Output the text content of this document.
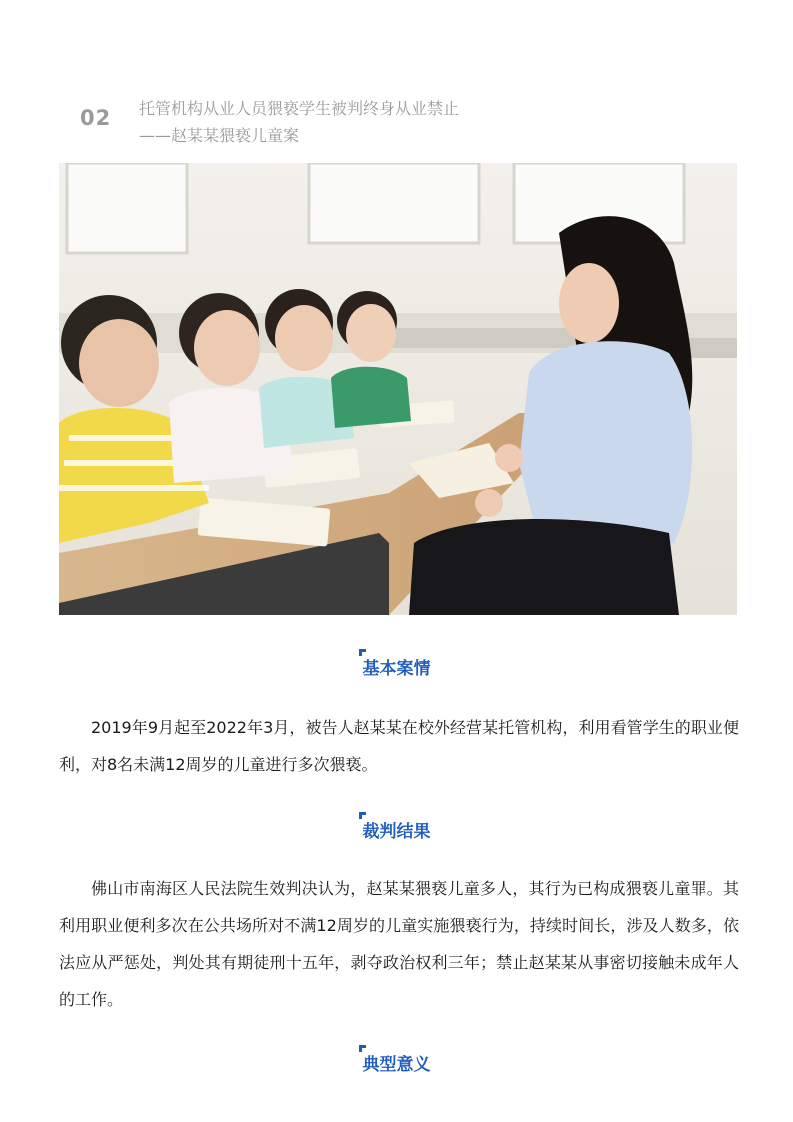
02 托管机构从业人员猥亵学生被判终身从业禁止
——赵某某猥亵儿童案
基本案情

2019年9月起至2022年3月，被告人赵某某在校外经营某托管机构，利用看管学生的职业便利，对8名未满12周岁的儿童进行多次猥亵。

裁判结果

佛山市南海区人民法院生效判决认为，赵某某猥亵儿童多人，其行为已构成猥亵儿童罪。其利用职业便利多次在公共场所对不满12周岁的儿童实施猥亵行为，持续时间长，涉及人数多，依法应从严惩处，判处其有期徒刑十五年，剥夺政治权利三年；禁止赵某某从事密切接触未成年人的工作。

典型意义
